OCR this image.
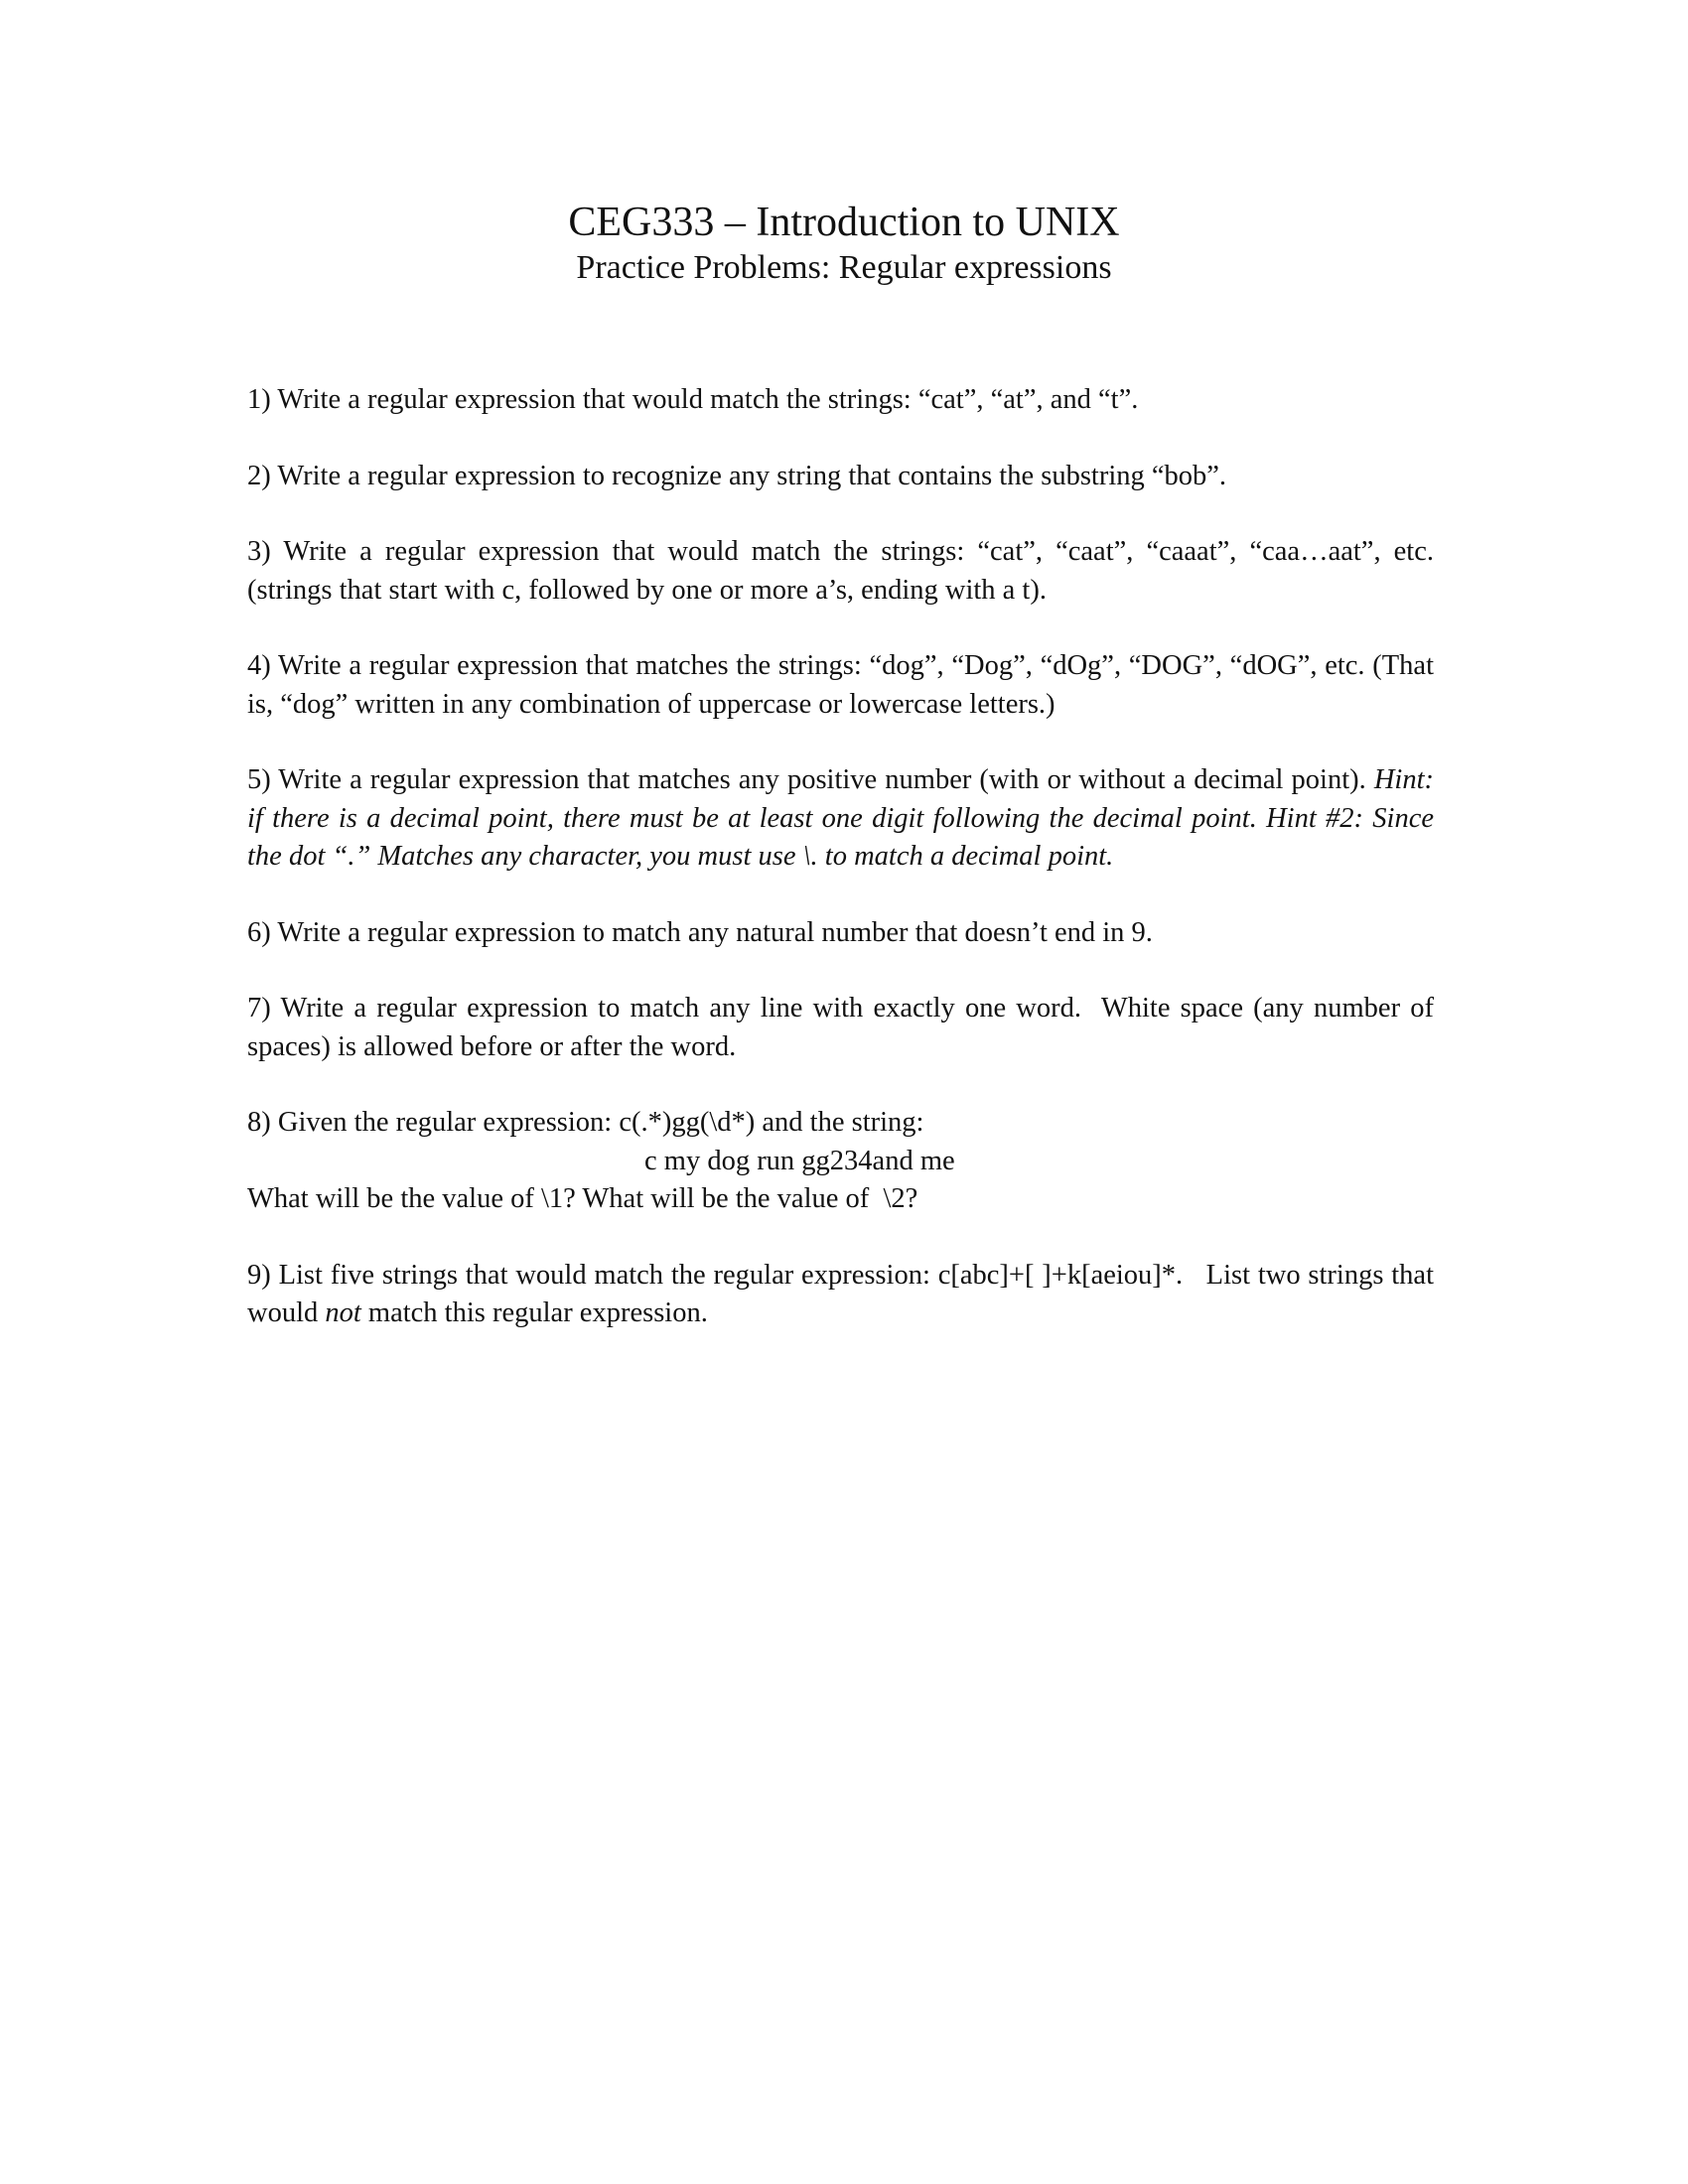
CEG333 – Introduction to UNIX
Practice Problems: Regular expressions

1) Write a regular expression that would match the strings: “cat”, “at”, and “t”.

2) Write a regular expression to recognize any string that contains the substring “bob”.

3) Write a regular expression that would match the strings: “cat”, “caat”, “caaat”, “caa…aat”, etc. (strings that start with c, followed by one or more a’s, ending with a t).

4) Write a regular expression that matches the strings: “dog”, “Dog”, “dOg”, “DOG”, “dOG”, etc. (That is, “dog” written in any combination of uppercase or lowercase letters.)

5) Write a regular expression that matches any positive number (with or without a decimal point). Hint: if there is a decimal point, there must be at least one digit following the decimal point. Hint #2: Since the dot “.” Matches any character, you must use \. to match a decimal point.

6) Write a regular expression to match any natural number that doesn’t end in 9.

7) Write a regular expression to match any line with exactly one word.  White space (any number of spaces) is allowed before or after the word.

8) Given the regular expression: c(.*)gg(\d*) and the string:
c my dog run gg234and me
What will be the value of \1? What will be the value of  \2?

9) List five strings that would match the regular expression: c[abc]+[ ]+k[aeiou]*.   List two strings that would not match this regular expression.
